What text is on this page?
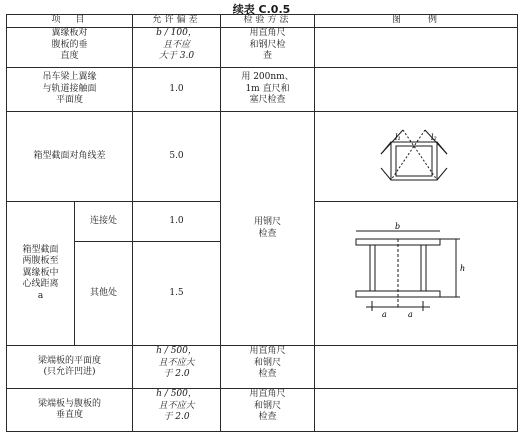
续表 C.0.5
项　目		允许偏差	检验方法	图　　例
翼缘板对
腹板的垂
直度		b / 100，
且不应
大于 3.0	用直角尺
和钢尺检
查	
吊车梁上翼缘
与轨道接触面
平面度		1.0	用 200nm、
1m 直尺和
塞尺检查	
箱型截面对角线差		5.0	用钢尺
检查	l₁ l₂

箱型截面
两腹板至
翼缘板中
心线距离
a	连接处	1.0		b
h
a a

	其他处	1.5		
梁端板的平面度
(只允许凹进)		h / 500，
且不应大
于 2.0	用直角尺
和钢尺
检查	
梁端板与腹板的
垂直度		h / 500，
且不应大
于 2.0	用直角尺
和钢尺
检查	
